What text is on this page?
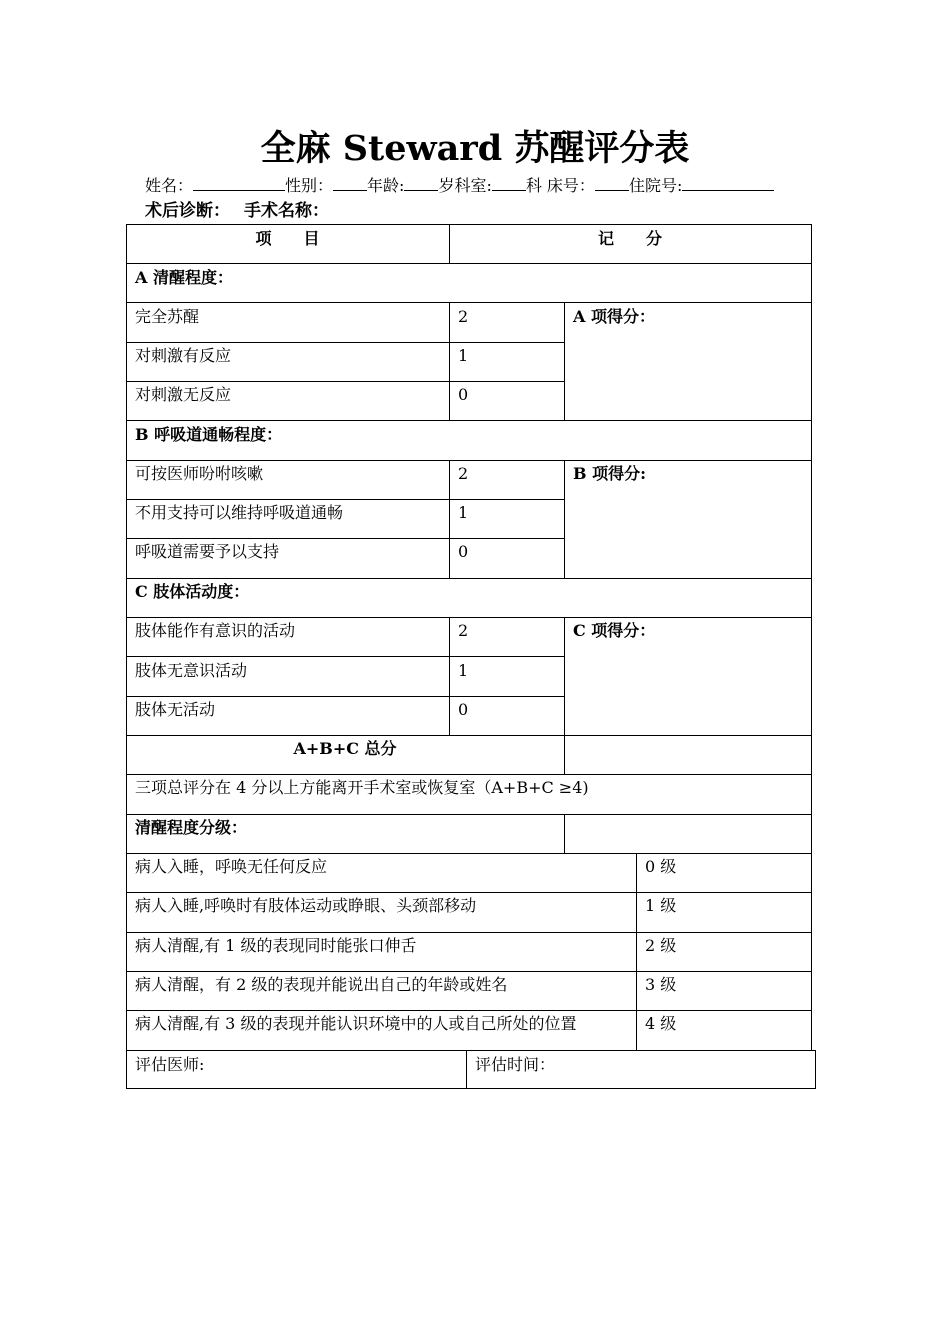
全麻 Steward 苏醒评分表
姓名：	性别： 年龄: 岁科室: 科 床号： 住院号:
术后诊断： 手术名称：
项　　目	记　　分
A 清醒程度：
完全苏醒	2
对刺激有反应	1
对刺激无反应	0
A 项得分：
B 呼吸道通畅程度：
可按医师吩咐咳嗽	2
不用支持可以维持呼吸道通畅	1
呼吸道需要予以支持	0
B 项得分:
C 肢体活动度：
肢体能作有意识的活动	2
肢体无意识活动	1
肢体无活动	0
C 项得分：
A+B+C 总分
三项总评分在 4 分以上方能离开手术室或恢复室（A+B+C ≥4)
清醒程度分级：
病人入睡，呼唤无任何反应	0 级
病人入睡,呼唤时有肢体运动或睁眼、头颈部移动	1 级
病人清醒,有 1 级的表现同时能张口伸舌	2 级
病人清醒，有 2 级的表现并能说出自己的年龄或姓名	3 级
病人清醒,有 3 级的表现并能认识环境中的人或自己所处的位置	4 级
评估医师:	评估时间：
